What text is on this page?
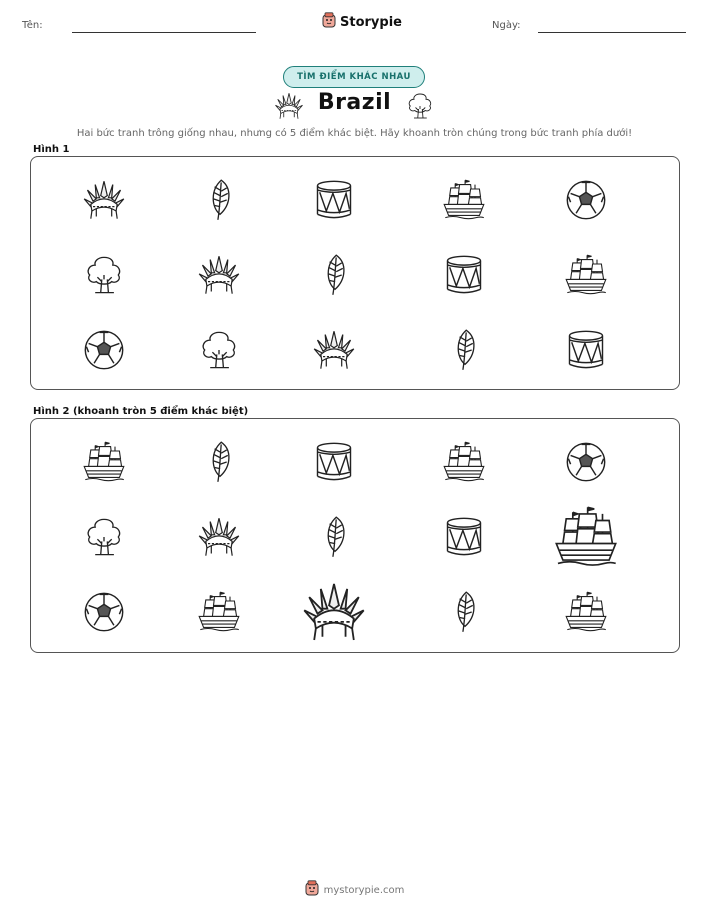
Tên:	Storypie	Ngày:
TÌM ĐIỂM KHÁC NHAU
Brazil
Hai bức tranh trông giống nhau, nhưng có 5 điểm khác biệt. Hãy khoanh tròn chúng trong bức tranh phía dưới!
Hình 1
Hình 2 (khoanh tròn 5 điểm khác biệt)
mystorypie.com
